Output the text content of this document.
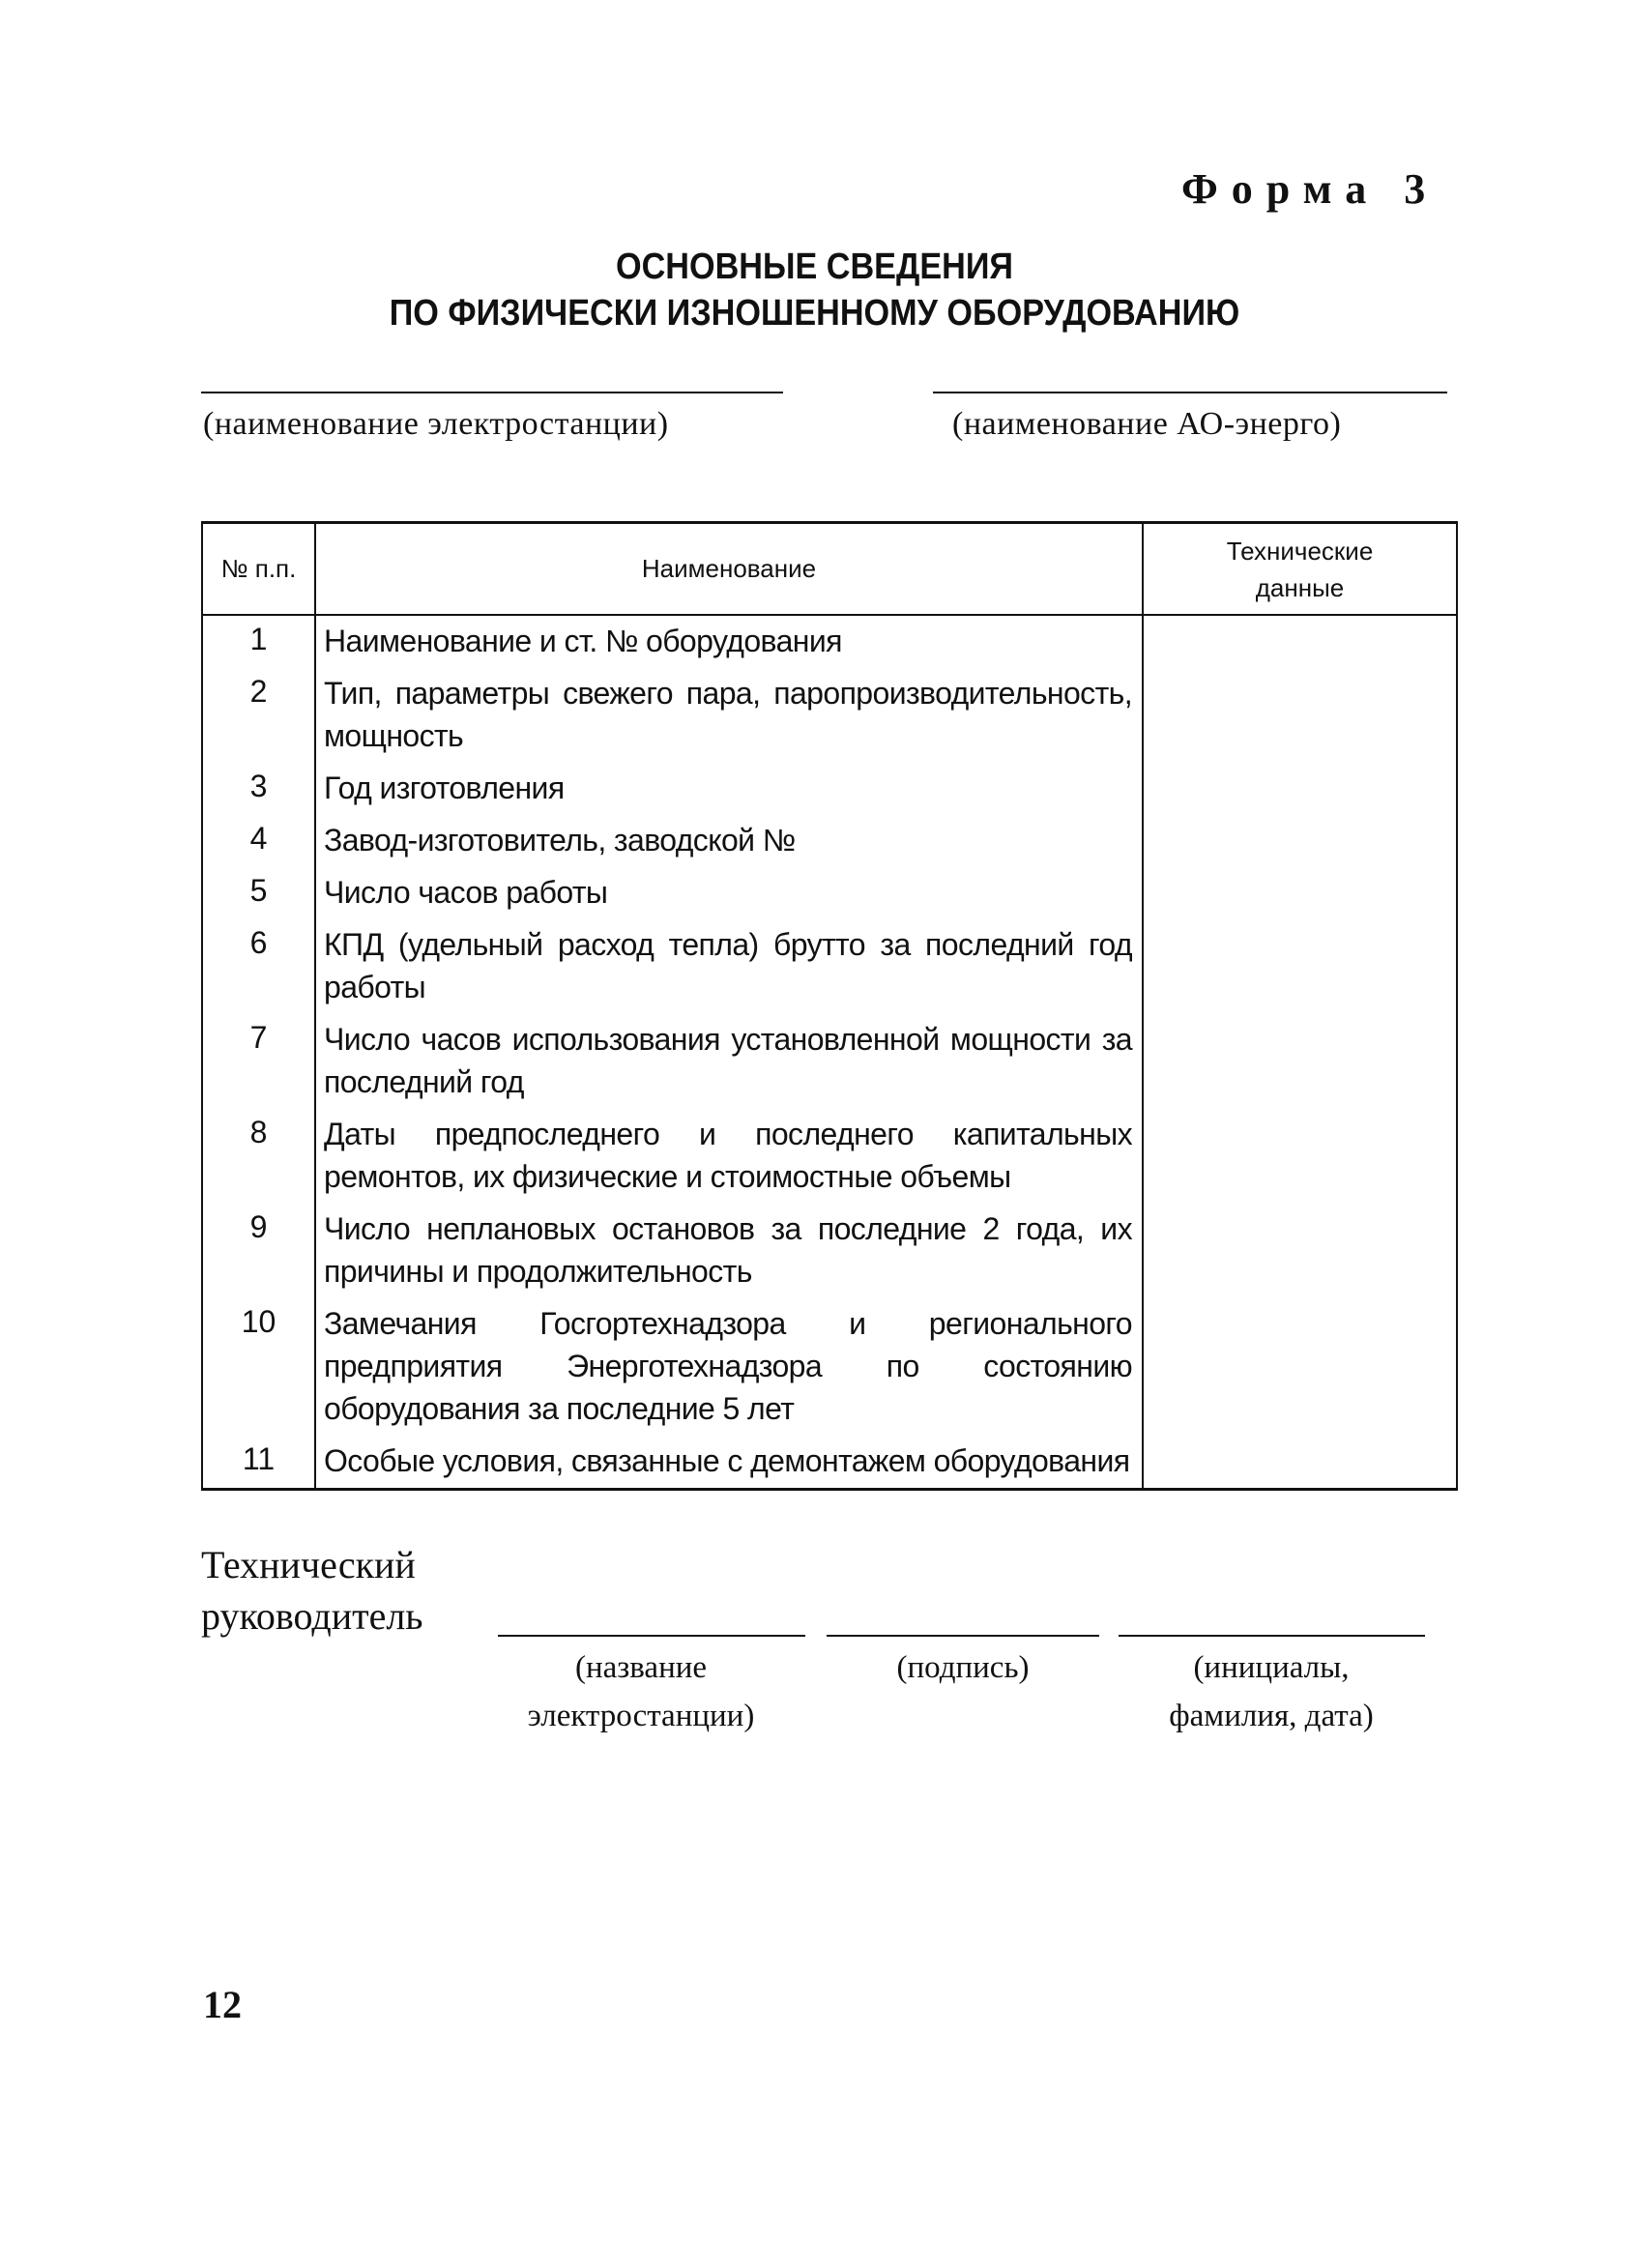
Форма 3
ОСНОВНЫЕ СВЕДЕНИЯ
ПО ФИЗИЧЕСКИ ИЗНОШЕННОМУ ОБОРУДОВАНИЮ
(наименование электростанции)	(наименование АО-энерго)
№ п.п.	Наименование	Технические данные

1	Наименование и ст. № оборудования	
2	Тип, параметры свежего пара, паропроизводительность, мощность	
3	Год изготовления	
4	Завод-изготовитель, заводской №	
5	Число часов работы	
6	КПД (удельный расход тепла) брутто за последний год работы	
7	Число часов использования установленной мощности за последний год	
8	Даты предпоследнего и последнего капитальных ремонтов, их физические и стоимостные объемы	
9	Число неплановых остановов за последние 2 года, их причины и продолжительность	
10	Замечания Госгортехнадзора и регионального предприятия Энерготехнадзора по состоянию оборудования за последние 5 лет	
11	Особые условия, связанные с демонтажем оборудования	
Технический
руководитель
(название
электростанции)
(подпись)	(инициалы,
фамилия, дата)
12
